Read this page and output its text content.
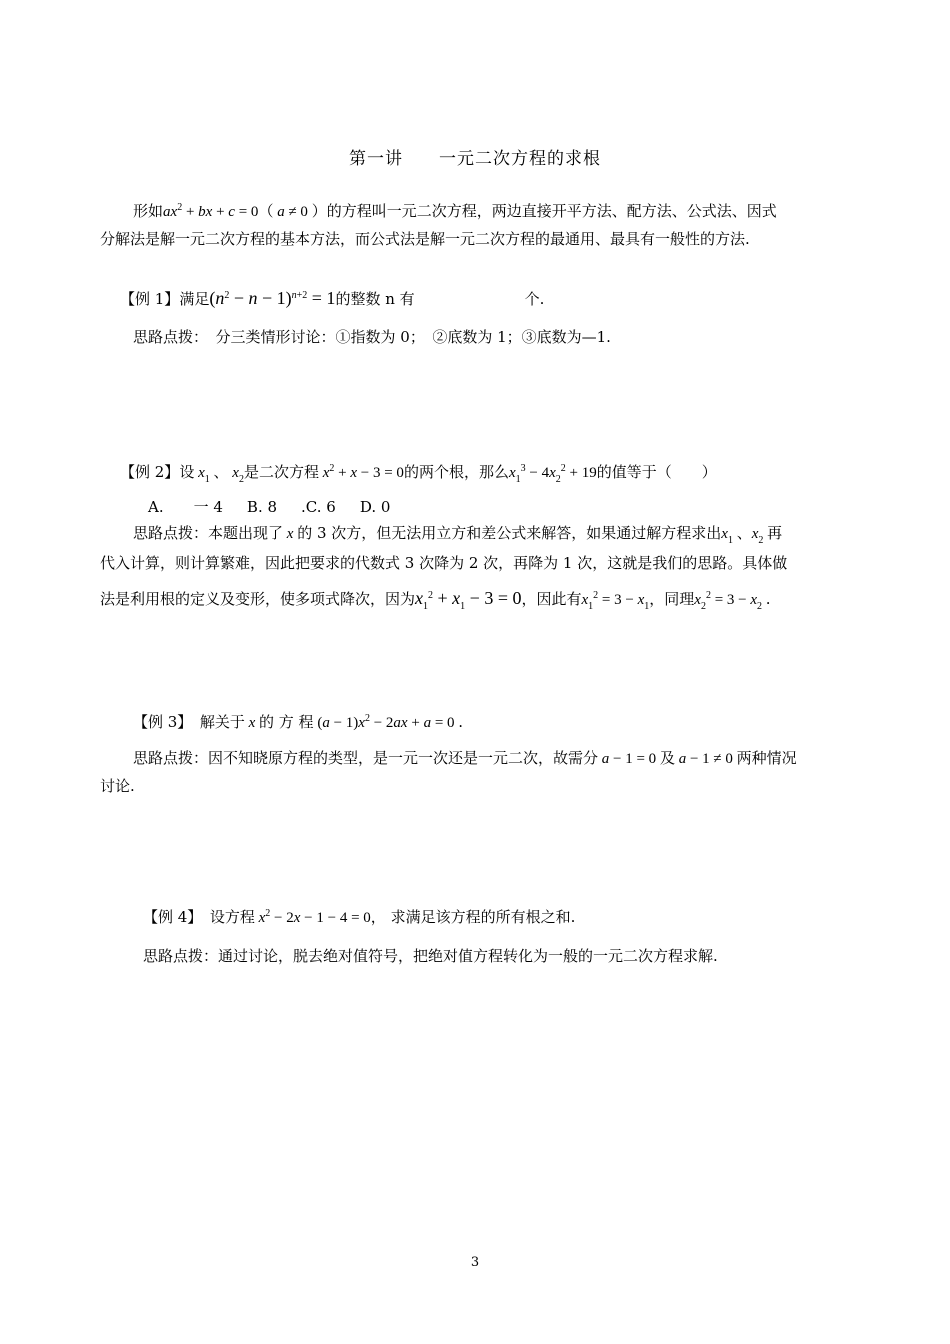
第一讲　　一元二次方程的求根
形如$ax^2$ + bx + c = 0（ a ≠ 0 ）的方程叫一元二次方程，两边直接开平方法、配方法、公式法、因式
分解法是解一元二次方程的基本方法，而公式法是解一元二次方程的最通用、最具有一般性的方法.
【例 1】满足$(n^2 - n - 1)^{n+2} = 1$的整数 n 有	个.
思路点拨：　分三类情形讨论：①指数为 0；　②底数为 1；③底数为—1.
【例 2】设 $x_1$ 、 $x_2$是二次方程 $x^2 + x - 3 = 0$的两个根，那么$x_1^3 - 4x_2^2 + 19$的值等于（　　）
A.　　一 4 B. 8 .C. 6 D. 0
思路点拨：本题出现了 x 的 3 次方，但无法用立方和差公式来解答，如果通过解方程求出$x_1$ 、$x_2$ 再
代入计算，则计算繁难，因此把要求的代数式 3 次降为 2 次，再降为 1 次，这就是我们的思路。具体做
法是利用根的定义及变形，使多项式降次，因为$x_1^2 + x_1 - 3 = 0$，因此有$x_1^2 = 3 - x_1$，同理$x_2^2 = 3 - x_2$ .
【例 3】　 解关于 x 的 方 程 $(a - 1)x^2 - 2ax + a = 0$ .
思路点拨：因不知晓原方程的类型，是一元一次还是一元二次，故需分 a − 1 = 0 及 a − 1 ≠ 0 两种情况
讨论.
【例 4】　 设方程 $x^2 - 2x - 1 - 4 = 0$， 求满足该方程的所有根之和.
思路点拨：通过讨论，脱去绝对值符号，把绝对值方程转化为一般的一元二次方程求解.
3
